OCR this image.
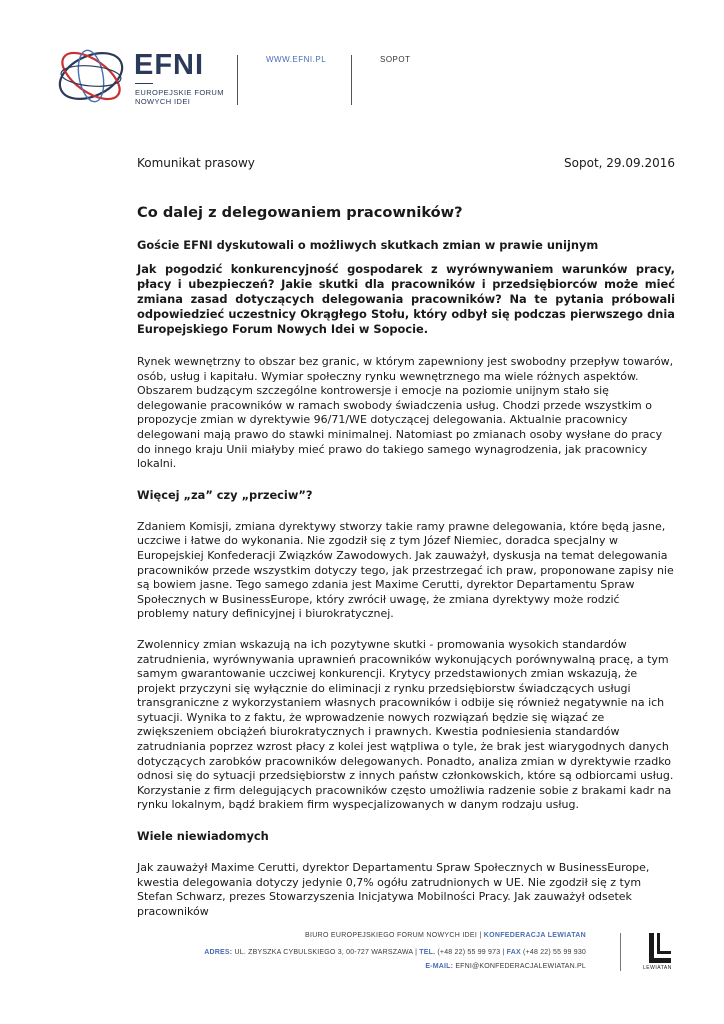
EFNI
EUROPEJSKIE FORUM
NOWYCH IDEI
WWW.EFNI.PL	SOPOT
Komunikat prasowy	Sopot, 29.09.2016
Co dalej z delegowaniem pracowników?
Goście EFNI dyskutowali o możliwych skutkach zmian w prawie unijnym
Jak pogodzić konkurencyjność gospodarek z wyrównywaniem warunków pracy, płacy i ubezpieczeń? Jakie skutki dla pracowników i przedsiębiorców może mieć zmiana zasad dotyczących delegowania pracowników? Na te pytania próbowali odpowiedzieć uczestnicy Okrągłego Stołu, który odbył się podczas pierwszego dnia Europejskiego Forum Nowych Idei w Sopocie.
Rynek wewnętrzny to obszar bez granic, w którym zapewniony jest swobodny przepływ towarów, osób, usług i kapitału. Wymiar społeczny rynku wewnętrznego ma wiele różnych aspektów. Obszarem budzącym szczególne kontrowersje i emocje na poziomie unijnym stało się delegowanie pracowników w ramach swobody świadczenia usług. Chodzi przede wszystkim o propozycje zmian w dyrektywie 96/71/WE dotyczącej delegowania. Aktualnie pracownicy delegowani mają prawo do stawki minimalnej. Natomiast po zmianach osoby wysłane do pracy do innego kraju Unii miałyby mieć prawo do takiego samego wynagrodzenia, jak pracownicy lokalni.
Więcej „za” czy „przeciw”?
Zdaniem Komisji, zmiana dyrektywy stworzy takie ramy prawne delegowania, które będą jasne, uczciwe i łatwe do wykonania. Nie zgodził się z tym Józef Niemiec, doradca specjalny w Europejskiej Konfederacji Związków Zawodowych. Jak zauważył, dyskusja na temat delegowania pracowników przede wszystkim dotyczy tego, jak przestrzegać ich praw, proponowane zapisy nie są bowiem jasne. Tego samego zdania jest Maxime Cerutti, dyrektor Departamentu Spraw Społecznych w BusinessEurope, który zwrócił uwagę, że zmiana dyrektywy może rodzić problemy natury definicyjnej i biurokratycznej.
Zwolennicy zmian wskazują na ich pozytywne skutki - promowania wysokich standardów zatrudnienia, wyrównywania uprawnień pracowników wykonujących porównywalną pracę, a tym samym gwarantowanie uczciwej konkurencji. Krytycy przedstawionych zmian wskazują, że projekt przyczyni się wyłącznie do eliminacji z rynku przedsiębiorstw świadczących usługi transgraniczne z wykorzystaniem własnych pracowników i odbije się również negatywnie na ich sytuacji. Wynika to z faktu, że wprowadzenie nowych rozwiązań będzie się wiązać ze zwiększeniem obciążeń biurokratycznych i prawnych. Kwestia podniesienia standardów zatrudniania poprzez wzrost płacy z kolei jest wątpliwa o tyle, że brak jest wiarygodnych danych dotyczących zarobków pracowników delegowanych. Ponadto, analiza zmian w dyrektywie rzadko odnosi się do sytuacji przedsiębiorstw z innych państw członkowskich, które są odbiorcami usług. Korzystanie z firm delegujących pracowników często umożliwia radzenie sobie z brakami kadr na rynku lokalnym, bądź brakiem firm wyspecjalizowanych w danym rodzaju usług.
Wiele niewiadomych
Jak zauważył Maxime Cerutti, dyrektor Departamentu Spraw Społecznych w BusinessEurope, kwestia delegowania dotyczy jedynie 0,7% ogółu zatrudnionych w UE. Nie zgodził się z tym Stefan Schwarz, prezes Stowarzyszenia Inicjatywa Mobilności Pracy. Jak zauważył odsetek pracowników
BIURO EUROPEJSKIEGO FORUM NOWYCH IDEI | KONFEDERACJA LEWIATAN
ADRES: UL. ZBYSZKA CYBULSKIEGO 3, 00-727 WARSZAWA | TEL. (+48 22) 55 99 973 | FAX (+48 22) 55 99 930
E-MAIL: EFNI@KONFEDERACJALEWIATAN.PL	LEWIATAN
